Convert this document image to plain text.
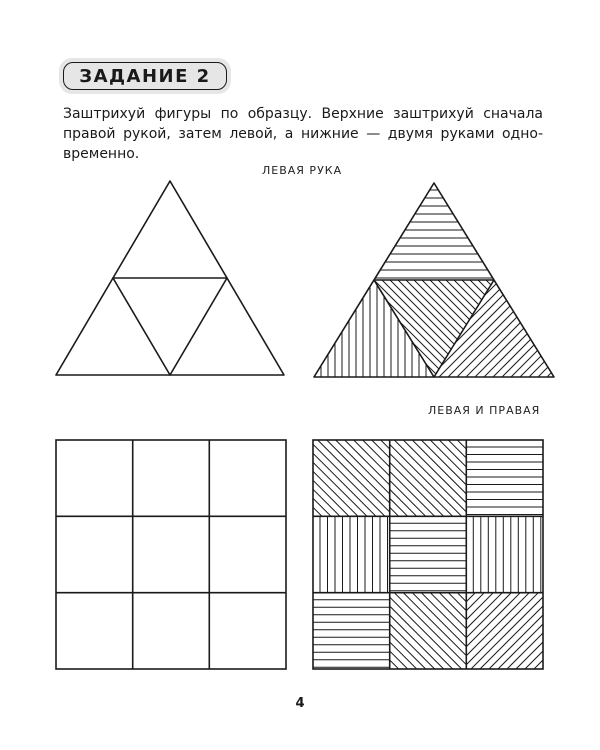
ЗАДАНИЕ 2
Заштрихуй фигуры по образцу. Верхние заштрихуй сначала
правой рукой, затем левой, а нижние — двумя руками одно-
временно.
ЛЕВАЯ РУКА
ЛЕВАЯ И ПРАВАЯ
4
